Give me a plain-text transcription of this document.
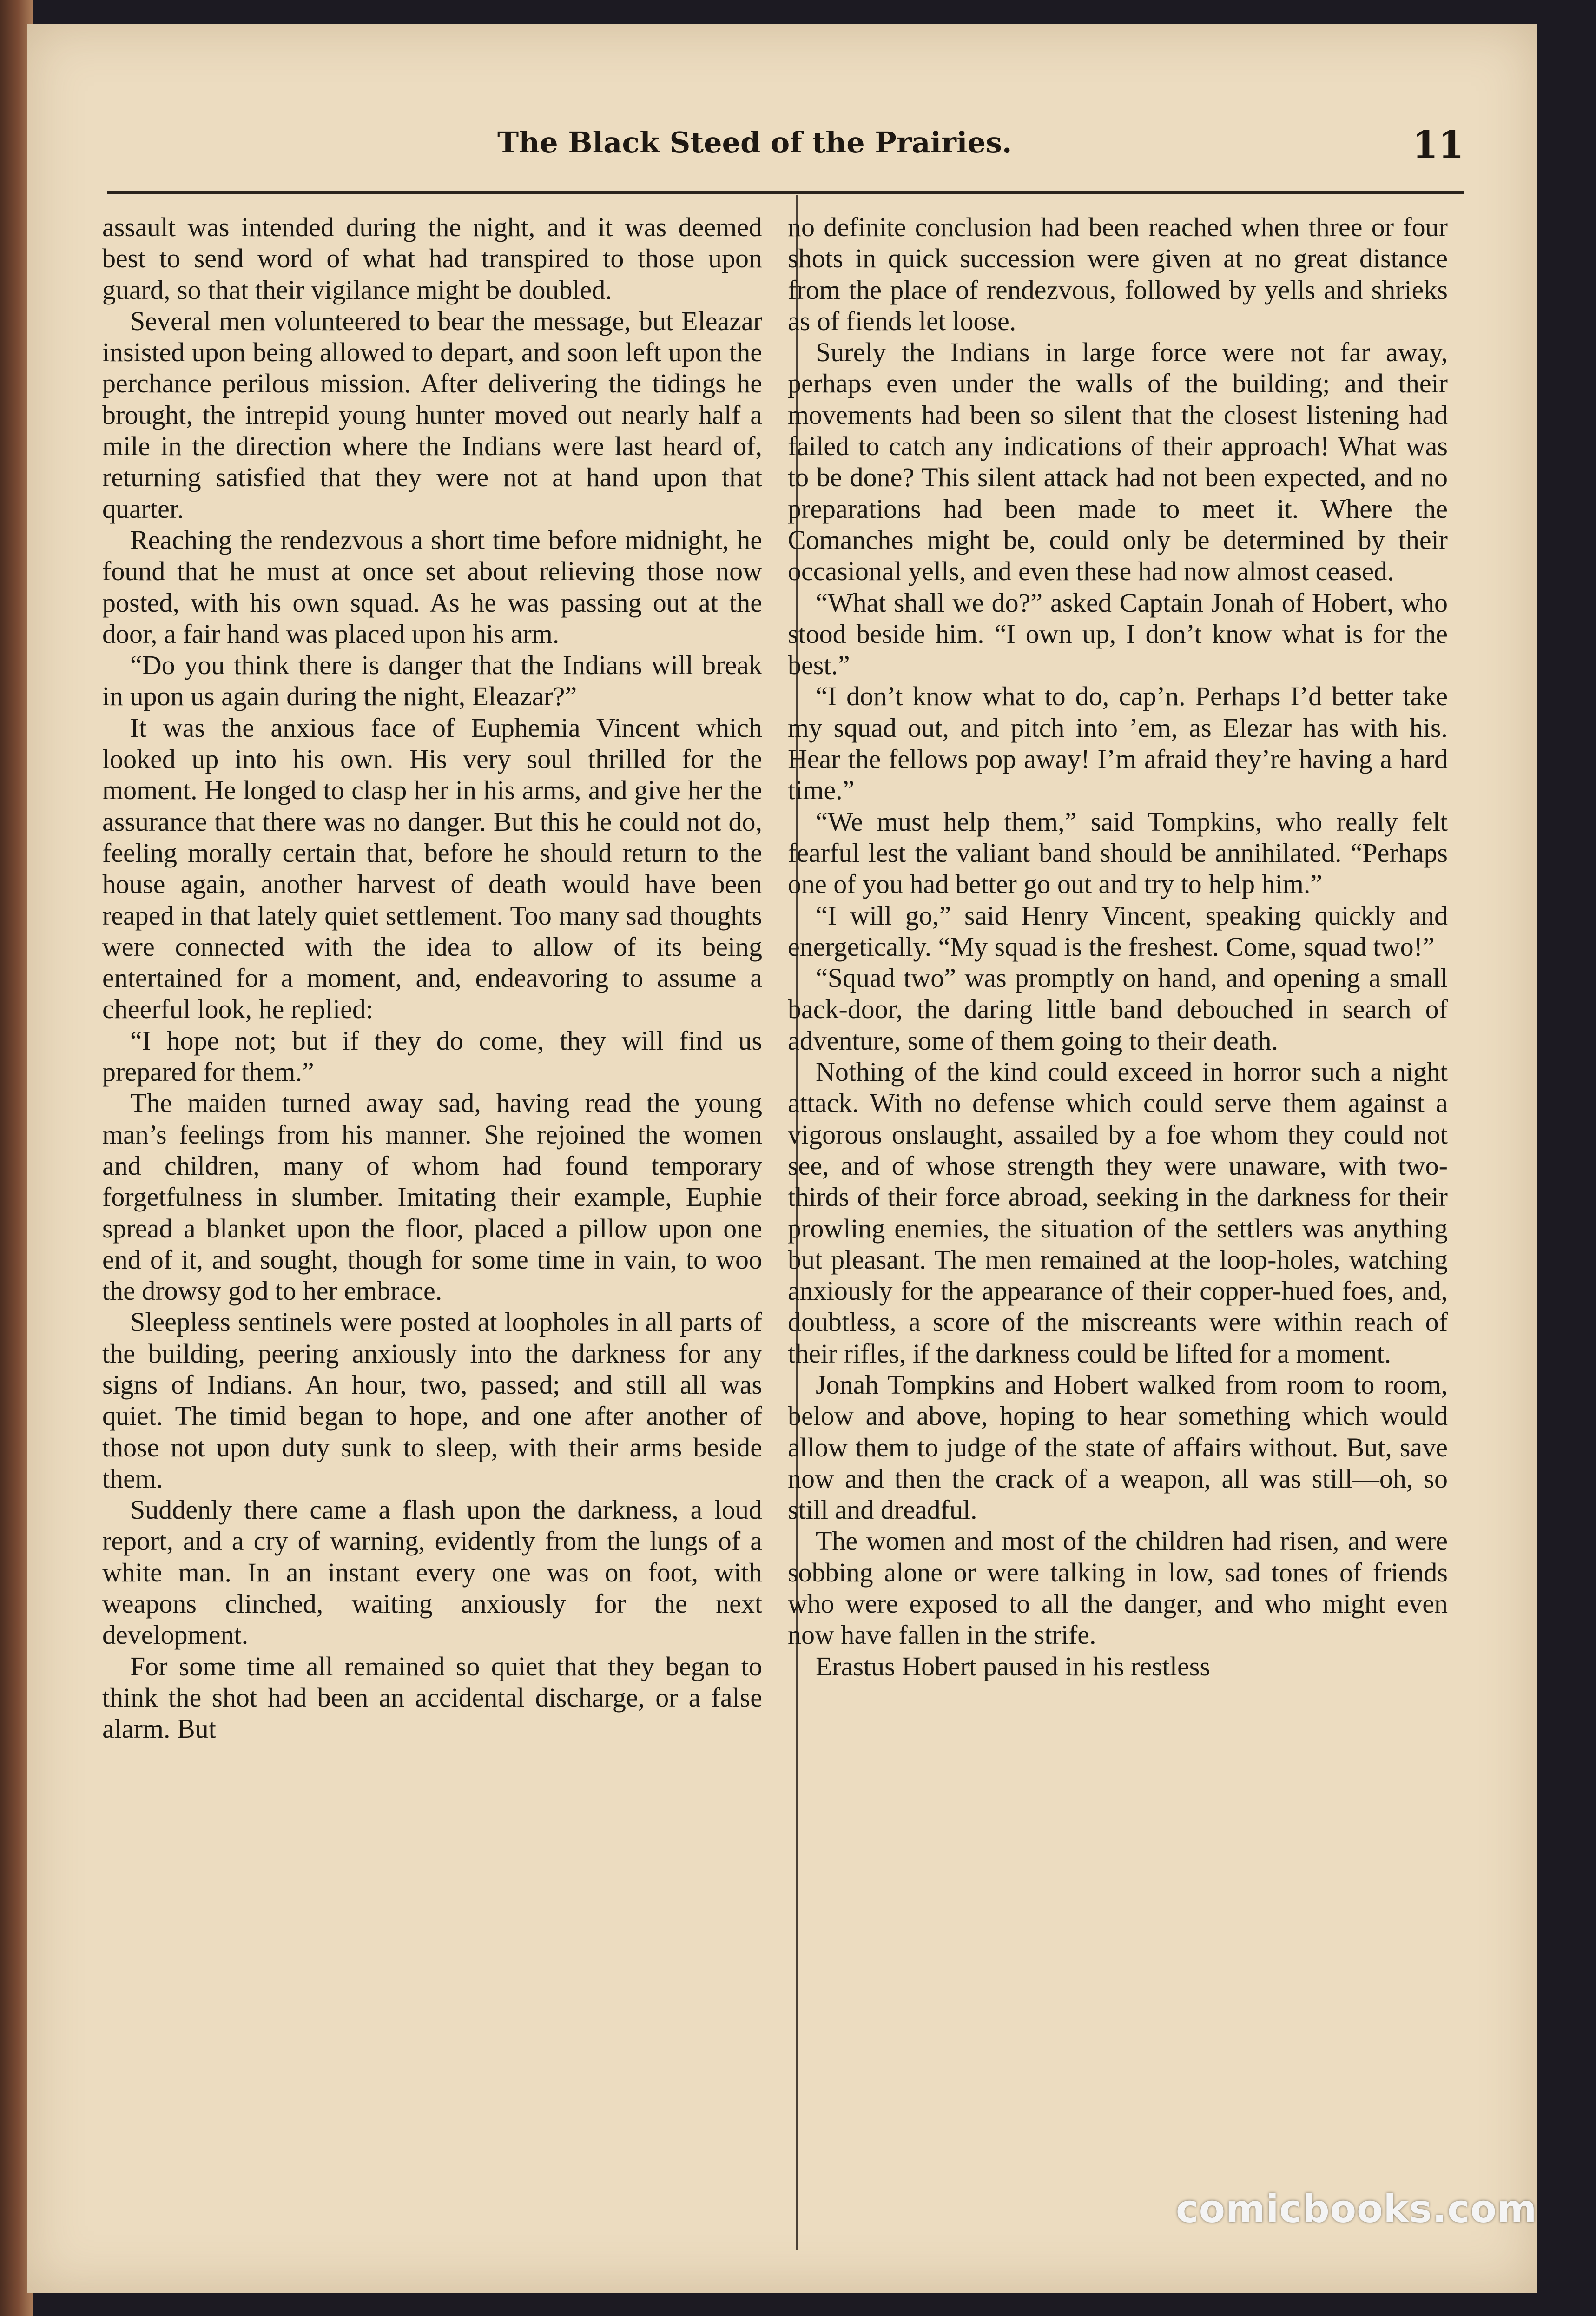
The Black Steed of the Prairies.	11

assault was intended during the night, and it was deemed best to send word of what had transpired to those upon guard, so that their vigilance might be doubled.

Several men volunteered to bear the message, but Eleazar insisted upon being allowed to depart, and soon left upon the perchance perilous mission. After delivering the tidings he brought, the intrepid young hunter moved out nearly half a mile in the direction where the Indians were last heard of, returning satisfied that they were not at hand upon that quarter.

Reaching the rendezvous a short time before midnight, he found that he must at once set about relieving those now posted, with his own squad. As he was passing out at the door, a fair hand was placed upon his arm.

“Do you think there is danger that the Indians will break in upon us again during the night, Eleazar?”

It was the anxious face of Euphemia Vincent which looked up into his own. His very soul thrilled for the moment. He longed to clasp her in his arms, and give her the assurance that there was no danger. But this he could not do, feeling morally certain that, before he should return to the house again, another harvest of death would have been reaped in that lately quiet settlement. Too many sad thoughts were connected with the idea to allow of its being entertained for a moment, and, endeavoring to assume a cheerful look, he replied:

“I hope not; but if they do come, they will find us prepared for them.”

The maiden turned away sad, having read the young man’s feelings from his manner. She rejoined the women and children, many of whom had found temporary forgetfulness in slumber. Imitating their example, Euphie spread a blanket upon the floor, placed a pillow upon one end of it, and sought, though for some time in vain, to woo the drowsy god to her embrace.

Sleepless sentinels were posted at loopholes in all parts of the building, peering anxiously into the darkness for any signs of Indians. An hour, two, passed; and still all was quiet. The timid began to hope, and one after another of those not upon duty sunk to sleep, with their arms beside them.

Suddenly there came a flash upon the darkness, a loud report, and a cry of warning, evidently from the lungs of a white man. In an instant every one was on foot, with weapons clinched, waiting anxiously for the next development.

For some time all remained so quiet that they began to think the shot had been an accidental discharge, or a false alarm. But

no definite conclusion had been reached when three or four shots in quick succession were given at no great distance from the place of rendezvous, followed by yells and shrieks as of fiends let loose.

Surely the Indians in large force were not far away, perhaps even under the walls of the building; and their movements had been so silent that the closest listening had failed to catch any indications of their approach! What was to be done? This silent attack had not been expected, and no preparations had been made to meet it. Where the Comanches might be, could only be determined by their occasional yells, and even these had now almost ceased.

“What shall we do?” asked Captain Jonah of Hobert, who stood beside him. “I own up, I don’t know what is for the best.”

“I don’t know what to do, cap’n. Perhaps I’d better take my squad out, and pitch into ’em, as Elezar has with his. Hear the fellows pop away! I’m afraid they’re having a hard time.”

“We must help them,” said Tompkins, who really felt fearful lest the valiant band should be annihilated. “Perhaps one of you had better go out and try to help him.”

“I will go,” said Henry Vincent, speaking quickly and energetically. “My squad is the freshest. Come, squad two!”

“Squad two” was promptly on hand, and opening a small back-door, the daring little band debouched in search of adventure, some of them going to their death.

Nothing of the kind could exceed in horror such a night attack. With no defense which could serve them against a vigorous onslaught, assailed by a foe whom they could not see, and of whose strength they were unaware, with two-thirds of their force abroad, seeking in the darkness for their prowling enemies, the situation of the settlers was anything but pleasant. The men remained at the loop-holes, watching anxiously for the appearance of their copper-hued foes, and, doubtless, a score of the miscreants were within reach of their rifles, if the darkness could be lifted for a moment.

Jonah Tompkins and Hobert walked from room to room, below and above, hoping to hear something which would allow them to judge of the state of affairs without. But, save now and then the crack of a weapon, all was still—oh, so still and dreadful.

The women and most of the children had risen, and were sobbing alone or were talking in low, sad tones of friends who were exposed to all the danger, and who might even now have fallen in the strife.

Erastus Hobert paused in his restless

comicbooks.com
